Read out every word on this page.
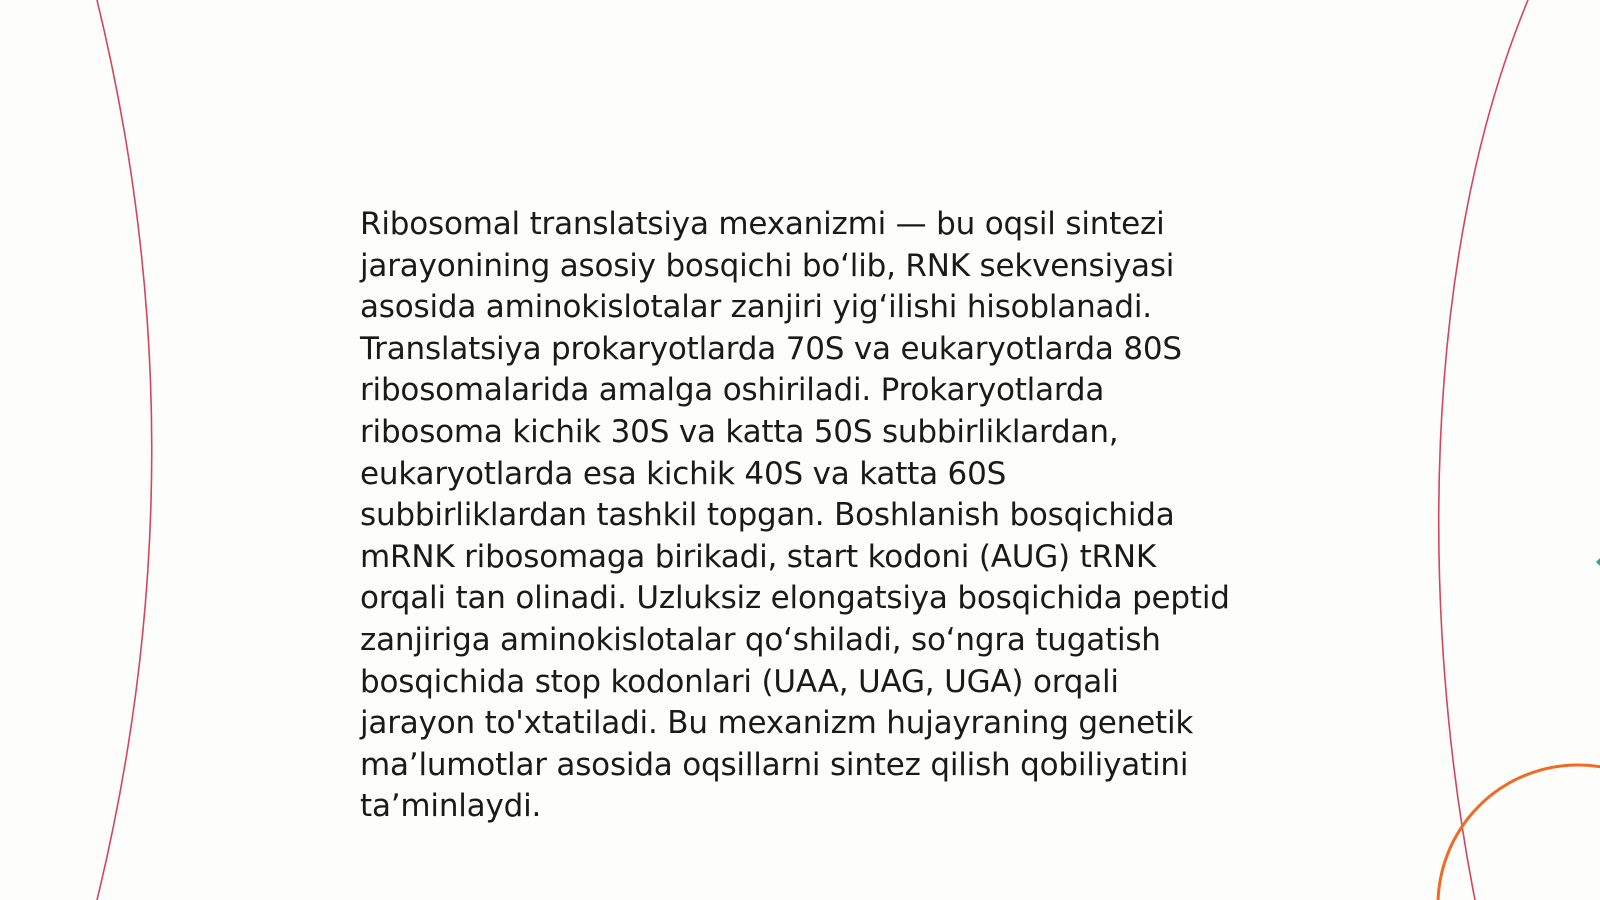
Ribosomal translatsiya mexanizmi — bu oqsil sintezi jarayonining asosiy bosqichi boʻlib, RNK sekvensiyasi asosida aminokislotalar zanjiri yigʻilishi hisoblanadi. Translatsiya prokaryotlarda 70S va eukaryotlarda 80S ribosomalarida amalga oshiriladi. Prokaryotlarda ribosoma kichik 30S va katta 50S subbirliklardan, eukaryotlarda esa kichik 40S va katta 60S subbirliklardan tashkil topgan. Boshlanish bosqichida mRNK ribosomaga birikadi, start kodoni (AUG) tRNK orqali tan olinadi. Uzluksiz elongatsiya bosqichida peptid zanjiriga aminokislotalar qoʻshiladi, soʻngra tugatish bosqichida stop kodonlari (UAA, UAG, UGA) orqali jarayon to'xtatiladi. Bu mexanizm hujayraning genetik maʼlumotlar asosida oqsillarni sintez qilish qobiliyatini taʼminlaydi.
